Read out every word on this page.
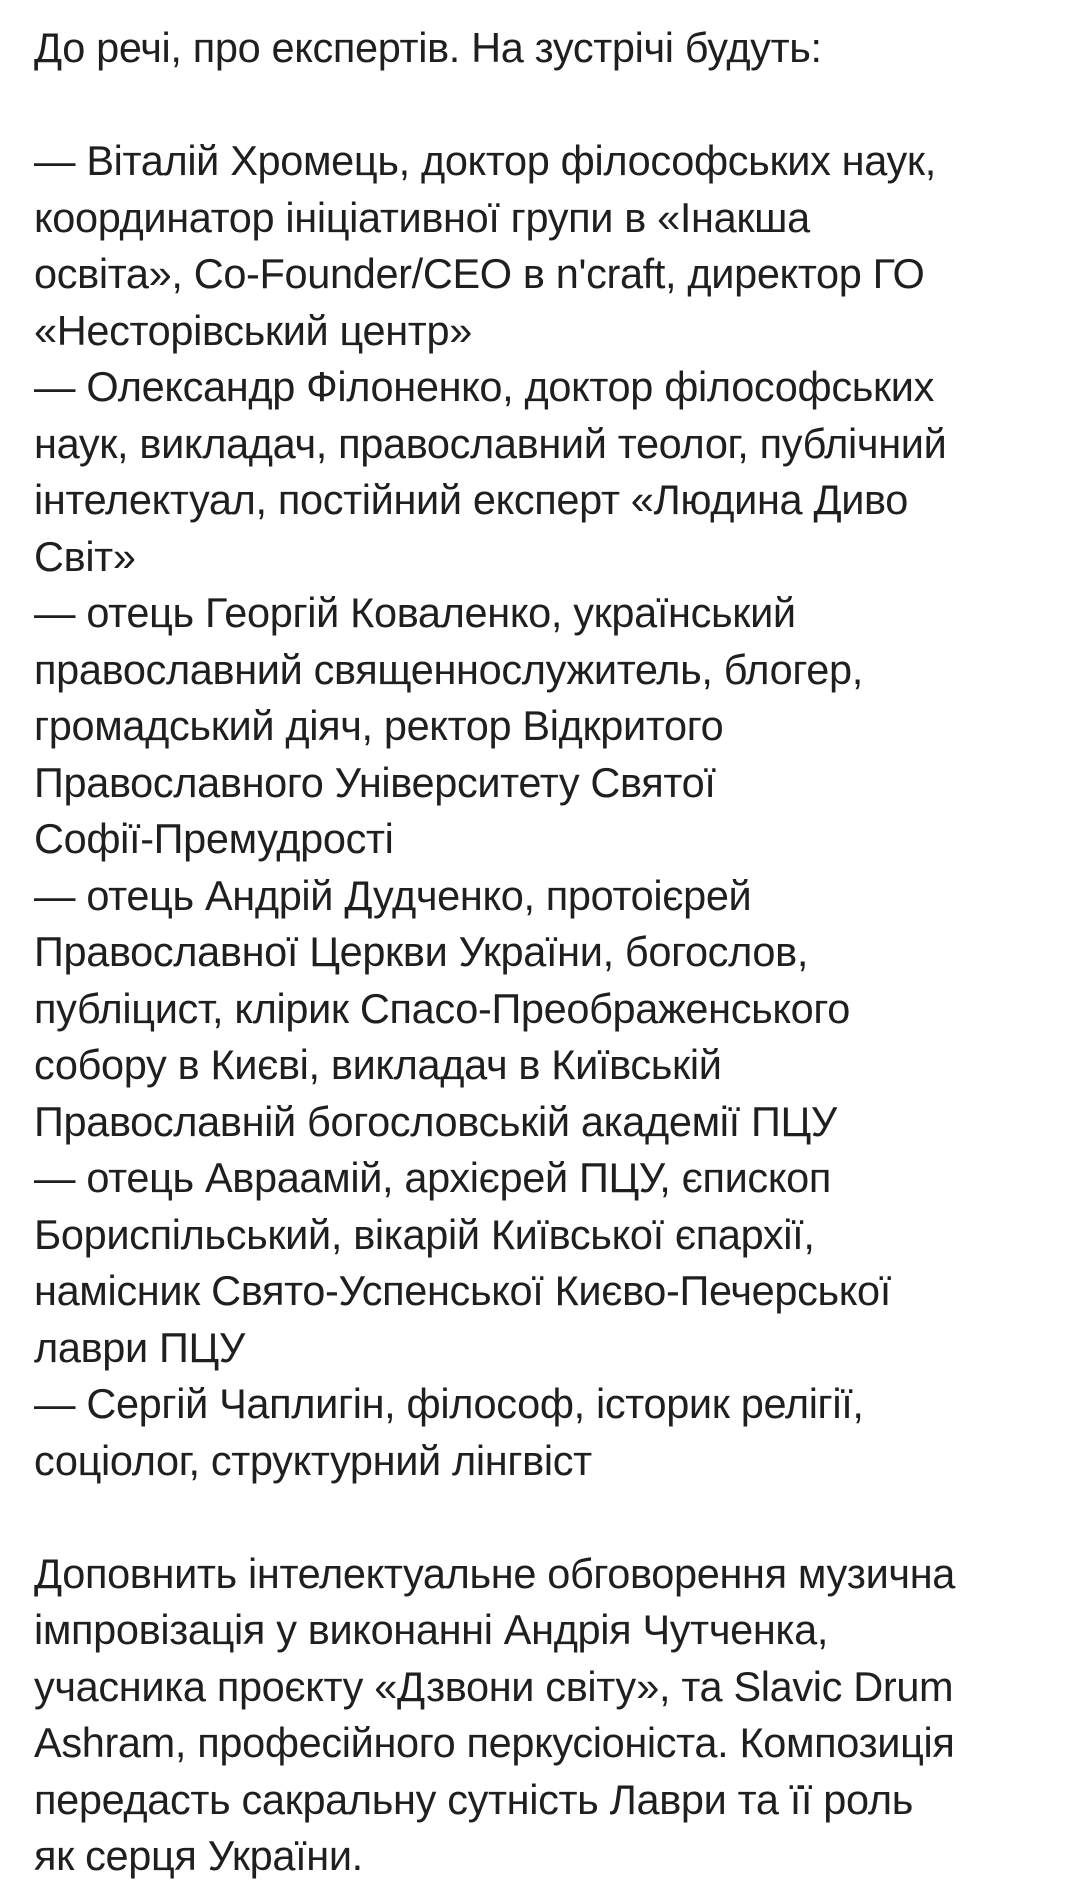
До речі, про експертів. На зустрічі будуть:
— Віталій Хромець, доктор філософських наук,
координатор ініціативної групи в «Інакша
освіта», Co-Founder/CEO в n'craft, директор ГО
«Несторівський центр»
— Олександр Філоненко, доктор філософських
наук, викладач, православний теолог, публічний
інтелектуал, постійний експерт «Людина Диво
Світ»
— отець Георгій Коваленко, український
православний священнослужитель, блогер,
громадський діяч, ректор Відкритого
Православного Університету Святої
Софії-Премудрості
— отець Андрій Дудченко, протоієрей
Православної Церкви України, богослов,
публіцист, клірик Спасо-Преображенського
собору в Києві, викладач в Київській
Православній богословській академії ПЦУ
— отець Авраамій, архієрей ПЦУ, єпископ
Бориспільський, вікарій Київської єпархії,
намісник Свято-Успенської Києво-Печерської
лаври ПЦУ
— Сергій Чаплигін, філософ, історик релігії,
соціолог, структурний лінгвіст
Доповнить інтелектуальне обговорення музична
імпровізація у виконанні Андрія Чутченка,
учасника проєкту «Дзвони світу», та Slavic Drum
Ashram, професійного перкусіоніста. Композиція
передасть сакральну сутність Лаври та її роль
як серця України.
